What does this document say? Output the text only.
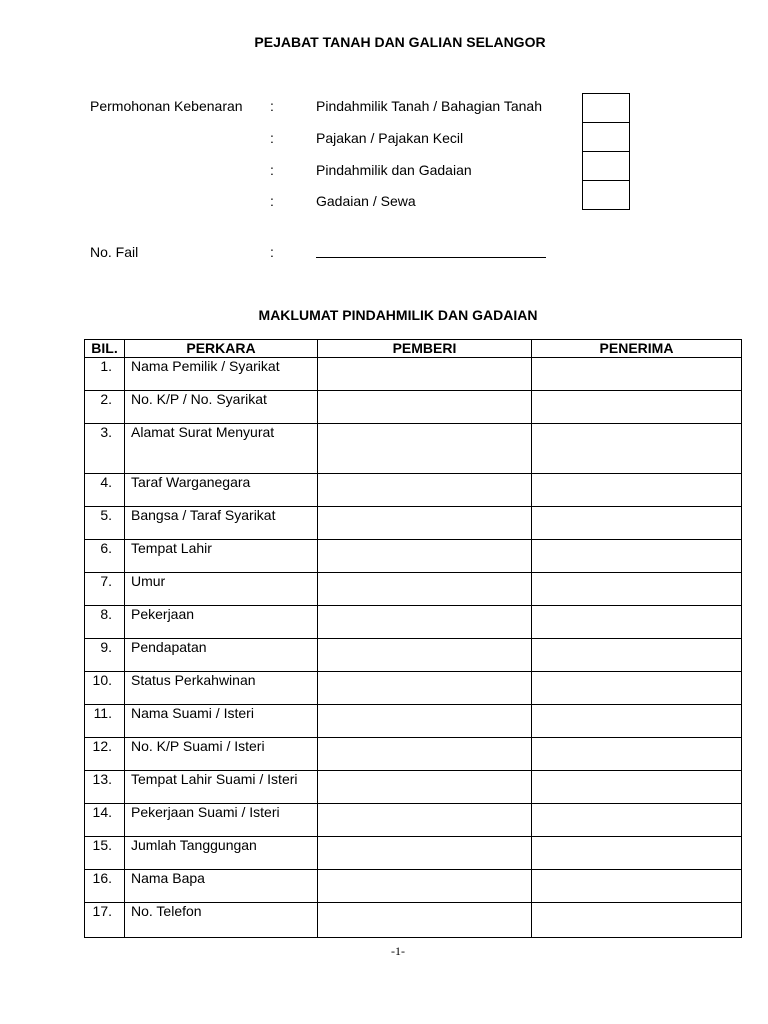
PEJABAT TANAH DAN GALIAN SELANGOR
Permohonan Kebenaran :	Pindahmilik Tanah / Bahagian Tanah
:	Pajakan / Pajakan Kecil
:	Pindahmilik dan Gadaian
:	Gadaian / Sewa
No. Fail	:
MAKLUMAT PINDAHMILIK DAN GADAIAN
BIL.	PERKARA	PEMBERI	PENERIMA
1.	Nama Pemilik / Syarikat		
2.	No. K/P / No. Syarikat		
3.	Alamat Surat Menyurat		
4.	Taraf Warganegara		
5.	Bangsa / Taraf Syarikat		
6.	Tempat Lahir		
7.	Umur		
8.	Pekerjaan		
9.	Pendapatan		
10.	Status Perkahwinan		
11.	Nama Suami / Isteri		
12.	No. K/P Suami / Isteri		
13.	Tempat Lahir Suami / Isteri		
14.	Pekerjaan Suami / Isteri		
15.	Jumlah Tanggungan		
16.	Nama Bapa		
17.	No. Telefon		
-1-
